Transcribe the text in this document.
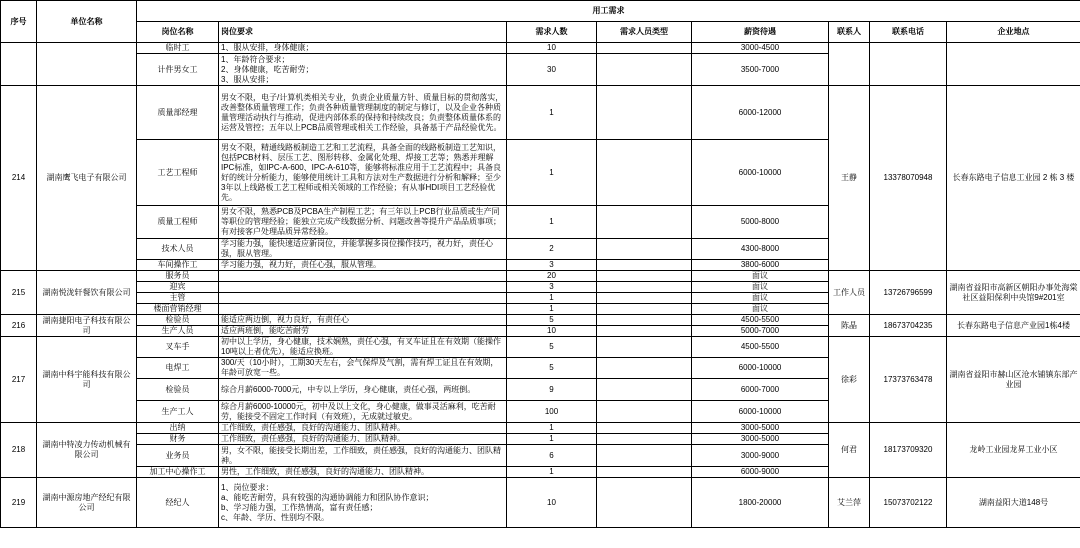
序号	单位名称	用工需求							
		岗位名称	岗位要求	需求人数	需求人员类型	薪资待遇	联系人	联系电话	企业地点
		临时工	1、服从安排，身体健康；	10		3000-4500			
		计件男女工	1、年龄符合要求；
2、身体健康，吃苦耐劳；
3、服从安排；	30		3500-7000			
214	湖南鹰飞电子有限公司	质量部经理	男女不限，电子/计算机类相关专业，负责企业质量方针、质量目标的贯彻落实，改善整体质量管理工作；负责各种质量管理制度的制定与修订，以及企业各种质量管理活动执行与推动，促进内部体系的保持和持续改良；负责整体质量体系的运营及管控；五年以上PCB品质管理或相关工作经验，具备基于产品经验优先。	1		6000-12000	王静	13378070948	长春东路电子信息工业园 2 栋 3 楼
		工艺工程师	男女不限，精通线路板制造工艺和工艺流程，具备全面的线路板制造工艺知识，包括PCB材料、层压工艺、图形转移、金属化处理、焊接工艺等；熟悉并理解IPC标准，如IPC-A-600、IPC-A-610等，能够将标准应用于工艺流程中；具备良好的统计分析能力，能够使用统计工具和方法对生产数据进行分析和解释；至少3年以上线路板工艺工程师或相关领域的工作经验；有从事HDI项目工艺经验优先。	1		6000-10000			
		质量工程师	男女不限，熟悉PCB及PCBA生产制程工艺；有三年以上PCB行业品质或生产同等职位的管理经验；能独立完成产线数据分析、问题改善等提升产品品质事项；有对接客户处理品质异常经验。	1		5000-8000			
		技术人员	学习能力强，能快速适应新岗位，并能掌握多岗位操作技巧，视力好，责任心强，服从管理。	2		4300-8000			
		车间操作工	学习能力强，视力好，责任心强，服从管理。	3		3800-6000			
215	湖南悦泷轩餐饮有限公司	服务员		20		面议	工作人员	13726796599	湖南省益阳市高新区朝阳办事处海棠 社区益阳保利中央馆9#201室
		迎宾		3		面议			
		主管		1		面议			
		楼面营销经理		1		面议			
216	湖南捷阳电子科技有限公司	检验员	能适应两边倒，视力良好，有责任心	5		4500-5500	陈晶	18673704235	长春东路电子信息产业园1栋4楼
		生产人员	适应两班倒，能吃苦耐劳	10		5000-7000			
217	湖南中科宇能科技有限公司	叉车手	初中以上学历，身心健康，技术娴熟，责任心强，有叉车证且在有效期（能操作10吨以上者优先），能适应换班。	5		4500-5500	徐彩	17373763478	湖南省益阳市赫山区沧水铺镇东部产业园
		电焊工	300/天（10小时），工期30天左右，会气保焊及气割，需有焊工证且在有效期，年龄可放宽一些。	5		6000-10000			
		检验员	综合月薪6000-7000元，中专以上学历，身心健康，责任心强，两班倒。	9		6000-7000			
		生产工人	综合月薪6000-10000元，初中及以上文化，身心健康，做事灵活麻利，吃苦耐劳，能接受不固定工作时间（有效班），无成就过敏史。	100		6000-10000			
218	湖南中特凌力传动机械有限公司	出纳	工作细致，责任感强，良好的沟通能力、团队精神。	1		3000-5000	何君	18173709320	龙岭工业园龙昇工业小区
		财务	工作细致，责任感强，良好的沟通能力、团队精神。	1		3000-5000			
		业务员	男，女不限，能接受长期出差，工作细致，责任感强，良好的沟通能力、团队精神。	6		3000-9000			
		加工中心操作工	男性，工作细致，责任感强，良好的沟通能力、团队精神。	1		6000-9000			
219	湖南中源房地产经纪有限公司	经纪人	1、岗位要求：
a、能吃苦耐劳，具有较强的沟通协调能力和团队协作意识；
b、学习能力强，工作热情高，富有责任感；
c、年龄、学历、性别均不限。	10		1800-20000	艾兰萍	15073702122	湖南益阳大道148号
